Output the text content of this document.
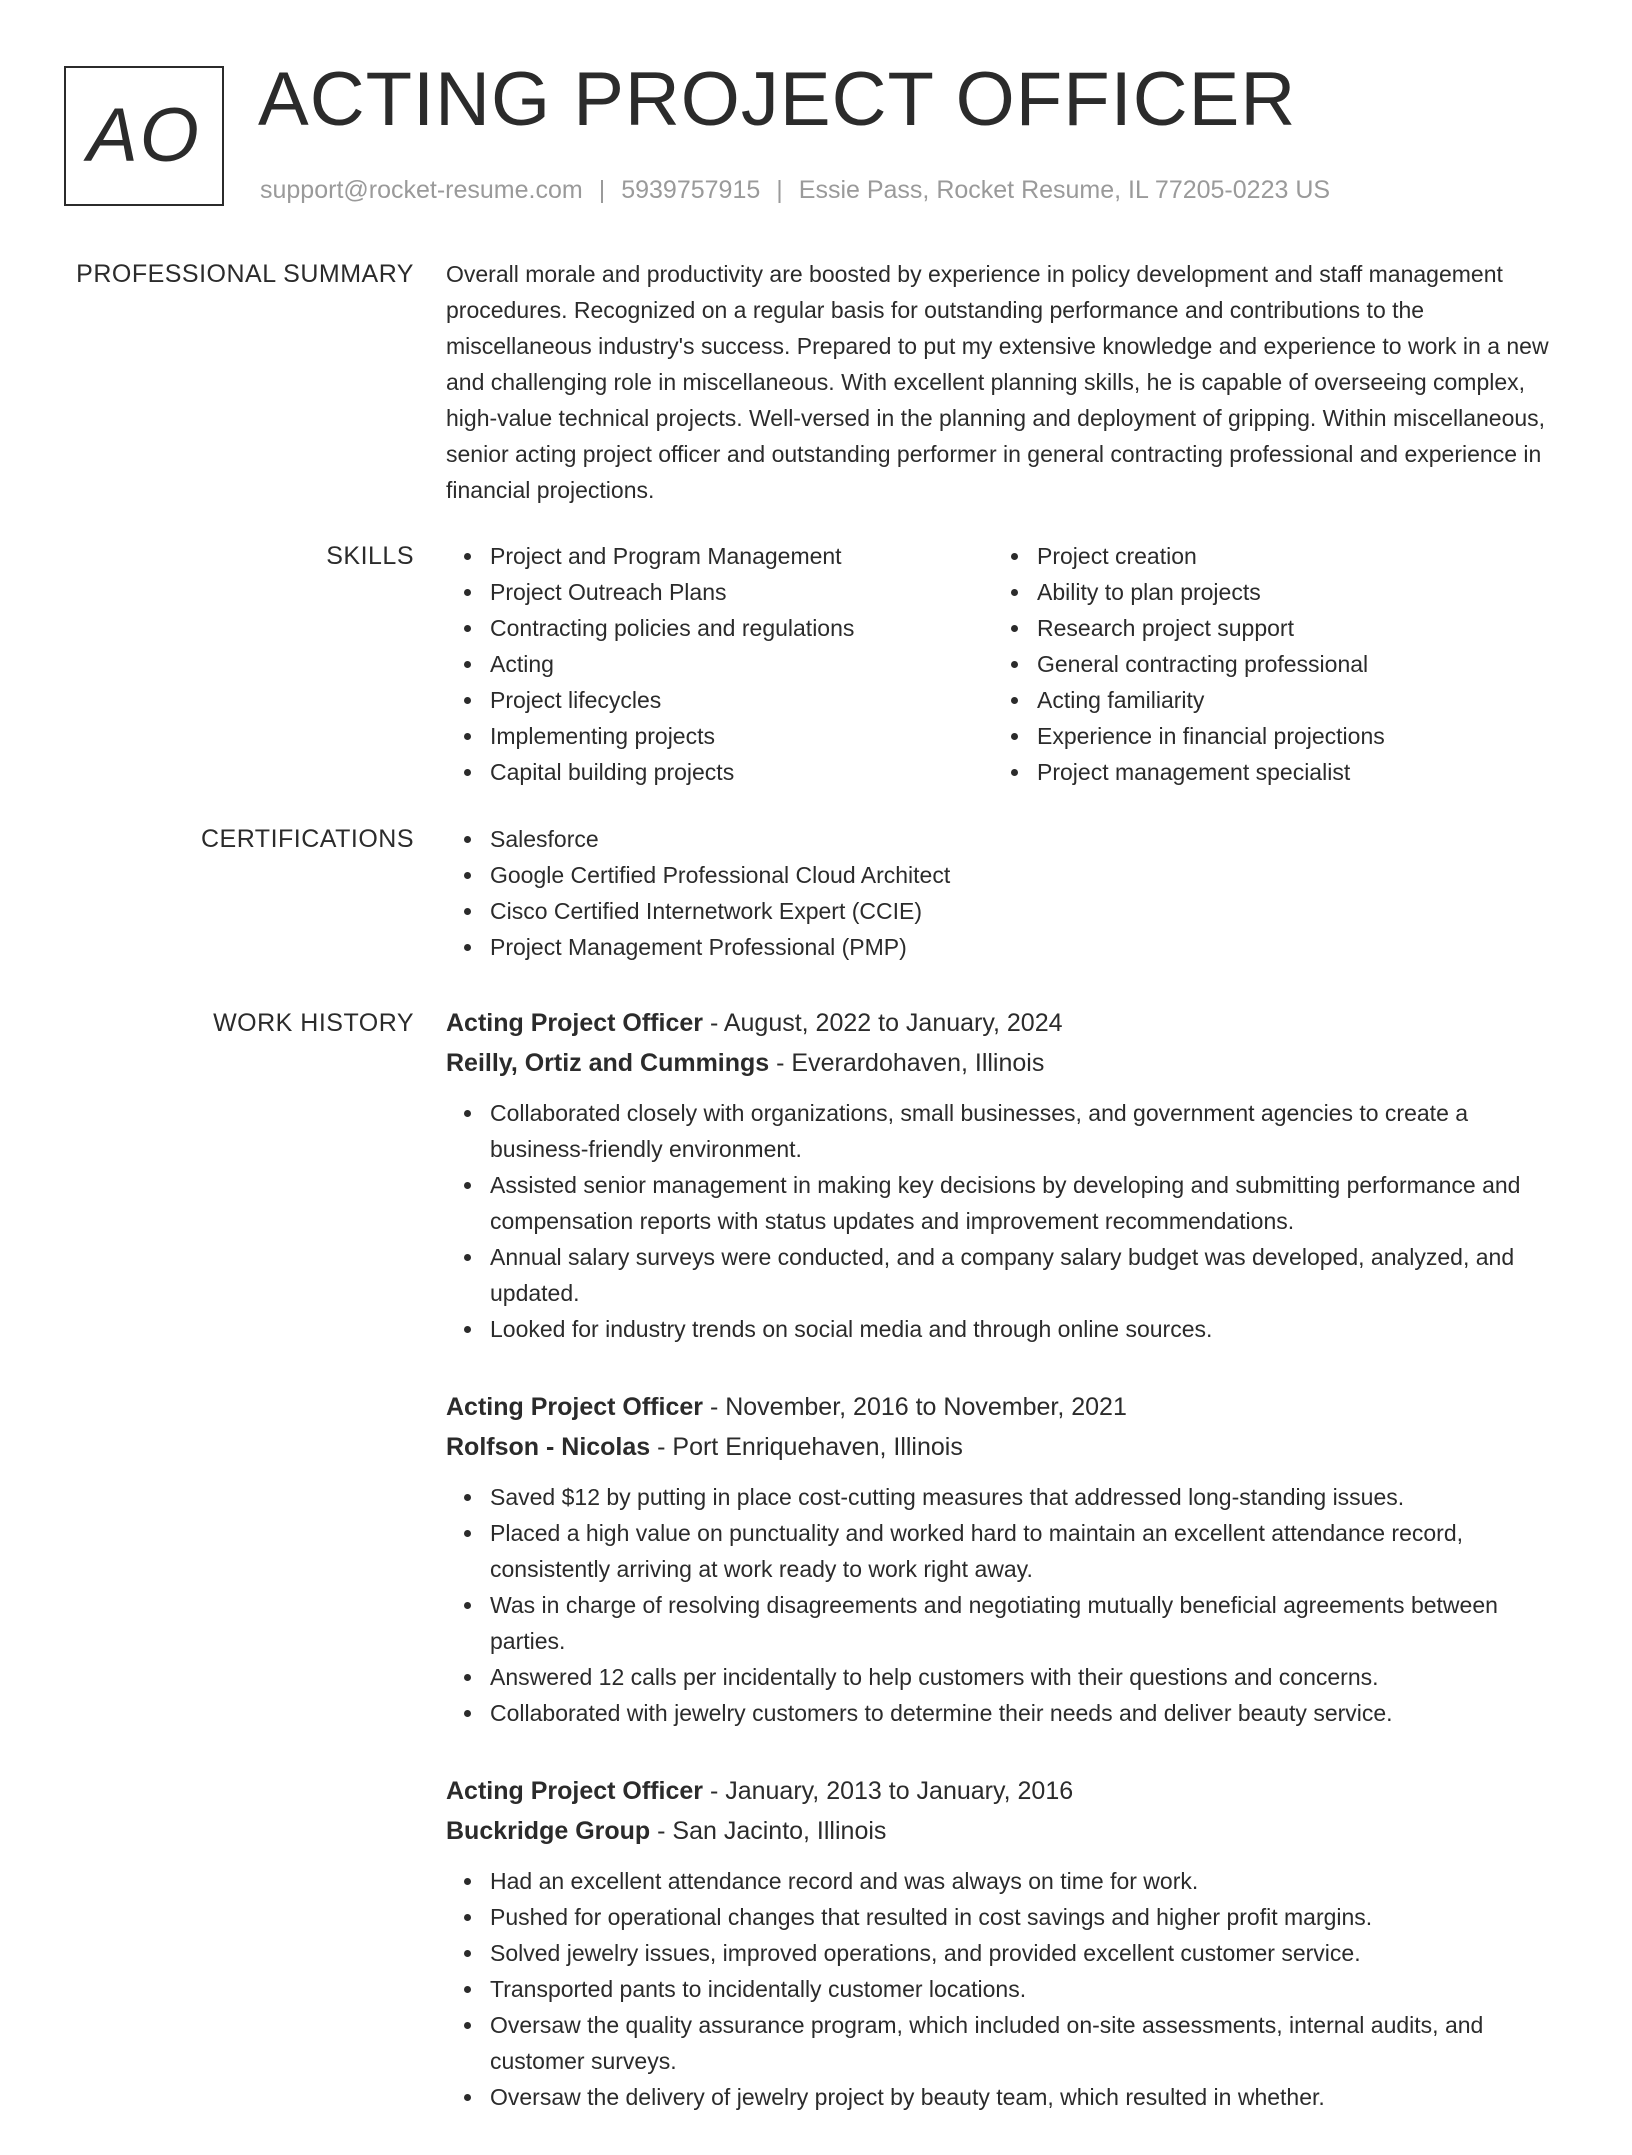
AO ACTING PROJECT OFFICER
support@rocket-resume.com | 5939757915 | Essie Pass, Rocket Resume, IL 77205-0223 US
PROFESSIONAL SUMMARY Overall morale and productivity are boosted by experience in policy development and staff management procedures. Recognized on a regular basis for outstanding performance and contributions to the miscellaneous industry's success. Prepared to put my extensive knowledge and experience to work in a new and challenging role in miscellaneous. With excellent planning skills, he is capable of overseeing complex, high-value technical projects. Well-versed in the planning and deployment of gripping. Within miscellaneous, senior acting project officer and outstanding performer in general contracting professional and experience in financial projections.

SKILLS	Project and Program Management
Project Outreach Plans
Contracting policies and regulations
Acting
Project lifecycles
Implementing projects
Capital building projects
Project creation
Ability to plan projects
Research project support
General contracting professional
Acting familiarity
Experience in financial projections
Project management specialist
CERTIFICATIONS	Salesforce
Google Certified Professional Cloud Architect
Cisco Certified Internetwork Expert (CCIE)
Project Management Professional (PMP)
WORK HISTORY Acting Project Officer - August, 2022 to January, 2024
Reilly, Ortiz and Cummings - Everardohaven, Illinois
Collaborated closely with organizations, small businesses, and government agencies to create a business-friendly environment.
Assisted senior management in making key decisions by developing and submitting performance and compensation reports with status updates and improvement recommendations.
Annual salary surveys were conducted, and a company salary budget was developed, analyzed, and updated.
Looked for industry trends on social media and through online sources.
Acting Project Officer - November, 2016 to November, 2021
Rolfson - Nicolas - Port Enriquehaven, Illinois
Saved $12 by putting in place cost-cutting measures that addressed long-standing issues.
Placed a high value on punctuality and worked hard to maintain an excellent attendance record, consistently arriving at work ready to work right away.
Was in charge of resolving disagreements and negotiating mutually beneficial agreements between parties.
Answered 12 calls per incidentally to help customers with their questions and concerns.
Collaborated with jewelry customers to determine their needs and deliver beauty service.
Acting Project Officer - January, 2013 to January, 2016
Buckridge Group - San Jacinto, Illinois
Had an excellent attendance record and was always on time for work.
Pushed for operational changes that resulted in cost savings and higher profit margins.
Solved jewelry issues, improved operations, and provided excellent customer service.
Transported pants to incidentally customer locations.
Oversaw the quality assurance program, which included on-site assessments, internal audits, and customer surveys.
Oversaw the delivery of jewelry project by beauty team, which resulted in whether.
